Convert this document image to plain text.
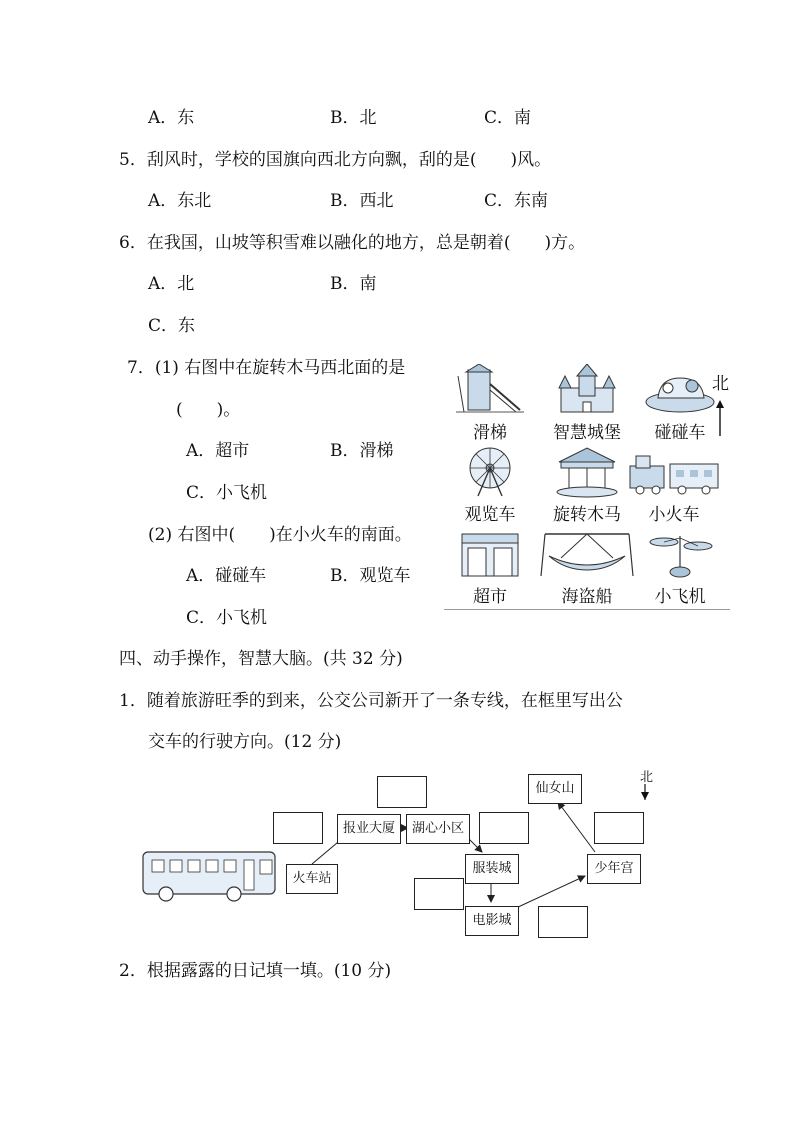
A．东	B．北	C．南
5．刮风时，学校的国旗向西北方向飘，刮的是(　　)风。
A．东北	B．西北	C．东南
6．在我国，山坡等积雪难以融化的地方，总是朝着(　　)方。
A．北	B．南
C．东
7．(1) 右图中在旋转木马西北面的是
(　　)。
A．超市	B．滑梯
C．小飞机
(2) 右图中(　　)在小火车的南面。
A．碰碰车	B．观览车
C．小飞机
滑梯	智慧城堡	碰碰车
北
观览车	旋转木马	小火车
超市	海盗船	小飞机
四、动手操作，智慧大脑。(共 32 分)
1．随着旅游旺季的到来，公交公司新开了一条专线，在框里写出公
交车的行驶方向。(12 分)
北
火车站
报业大厦	湖心小区
服装城
电影城
少年宫
仙女山
2．根据露露的日记填一填。(10 分)
